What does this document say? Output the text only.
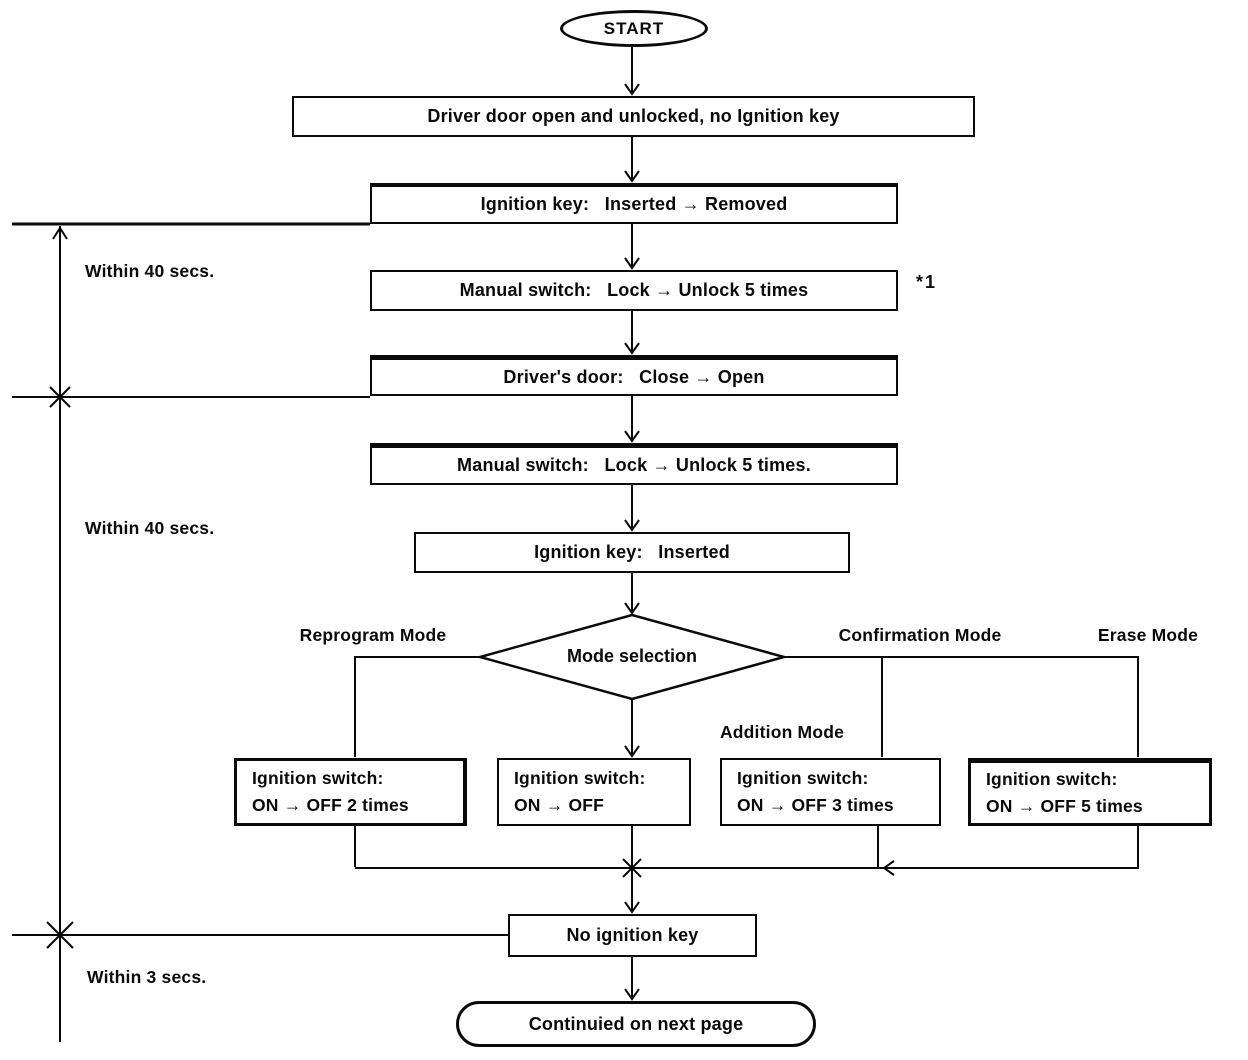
START
Driver door open and unlocked, no Ignition key
Ignition key:   Inserted → Removed
Manual switch:   Lock → Unlock 5 times	*1
Driver's door:   Close → Open
Manual switch:   Lock → Unlock 5 times.
Ignition key:   Inserted
Mode selection
Reprogram Mode	Confirmation Mode	Erase Mode
Addition Mode
Ignition switch:
ON → OFF 2 times
Ignition switch:
ON → OFF
Ignition switch:
ON → OFF 3 times
Ignition switch:
ON → OFF 5 times
No ignition key
Within 40 secs.
Within 40 secs.
Within 3 secs.
Continuied on next page
